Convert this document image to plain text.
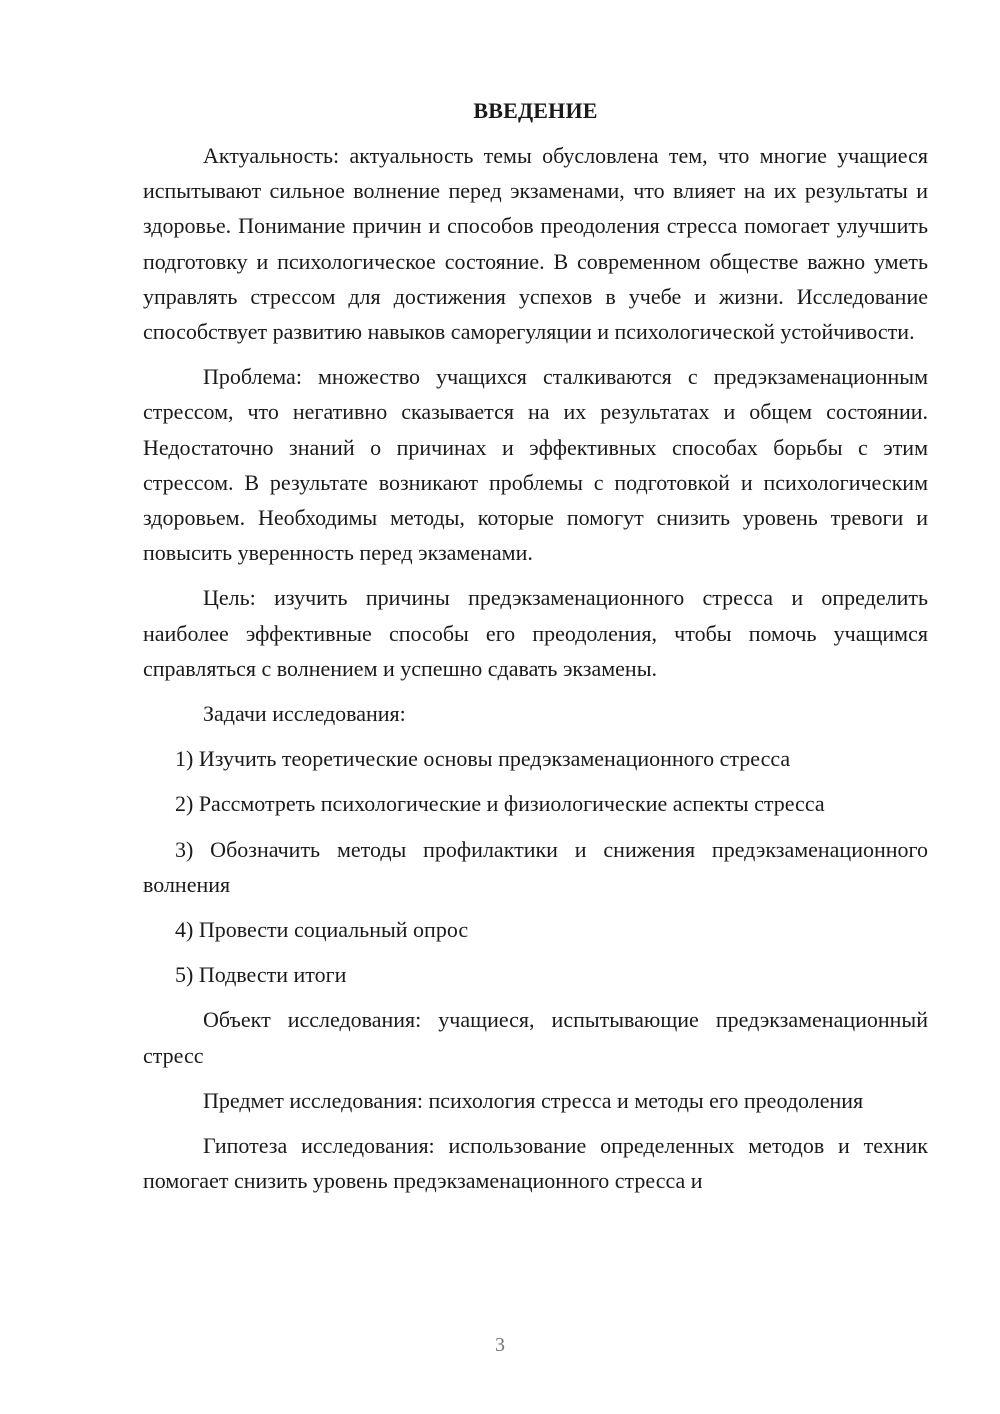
ВВЕДЕНИЕ

Актуальность: актуальность темы обусловлена тем, что многие учащиеся испытывают сильное волнение перед экзаменами, что влияет на их результаты и здоровье. Понимание причин и способов преодоления стресса помогает улучшить подготовку и психологическое состояние. В современном обществе важно уметь управлять стрессом для достижения успехов в учебе и жизни. Исследование способствует развитию навыков саморегуляции и психологической устойчивости.

Проблема: множество учащихся сталкиваются с предэкзаменационным стрессом, что негативно сказывается на их результатах и общем состоянии. Недостаточно знаний о причинах и эффективных способах борьбы с этим стрессом. В результате возникают проблемы с подготовкой и психологическим здоровьем. Необходимы методы, которые помогут снизить уровень тревоги и повысить уверенность перед экзаменами.

Цель: изучить причины предэкзаменационного стресса и определить наиболее эффективные способы его преодоления, чтобы помочь учащимся справляться с волнением и успешно сдавать экзамены.

Задачи исследования:

1) Изучить теоретические основы предэкзаменационного стресса
2) Рассмотреть психологические и физиологические аспекты стресса
3) Обозначить методы профилактики и снижения предэкзаменационного волнения
4) Провести социальный опрос
5) Подвести итоги

Объект исследования: учащиеся, испытывающие предэкзаменационный стресс

Предмет исследования: психология стресса и методы его преодоления

Гипотеза исследования: использование определенных методов и техник помогает снизить уровень предэкзаменационного стресса и

3
